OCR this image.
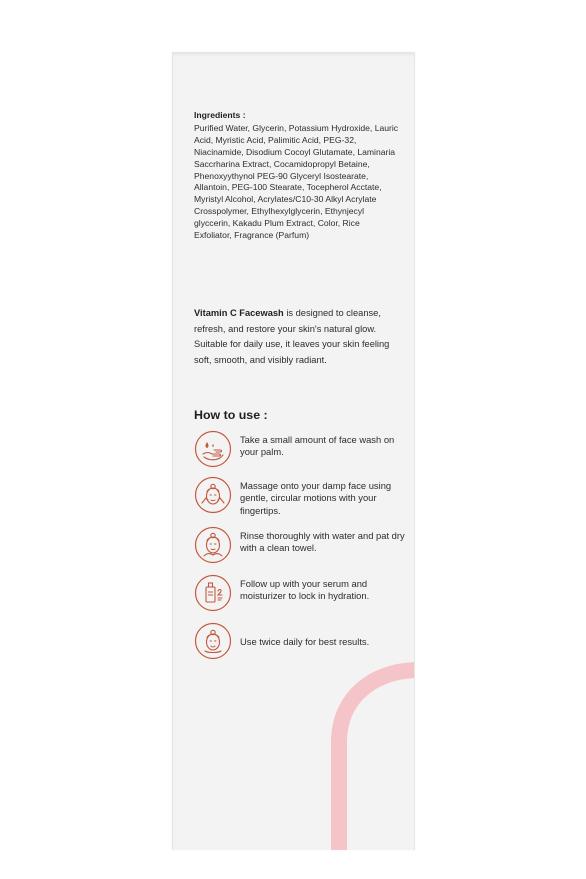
Ingredients :
Purified Water, Glycerin, Potassium Hydroxide, Lauric Acid, Myristic Acid, Palimitic Acid, PEG-32, Niacinamide, Disodium Cocoyl Glutamate, Laminaria Saccrharina Extract, Cocamidopropyl Betaine, Phenoxyythynol PEG-90 Glyceryl Isostearate, Allantoin, PEG-100 Stearate, Tocepherol Acctate, Myristyl Alcohol, Acrylates/C10-30 Alkyl Acrylate Crosspolymer, Ethylhexylglycerin, Ethynjecyl glyccerin, Kakadu Plum Extract, Color, Rice Exfoliator, Fragrance (Parfum)
Vitamin C Facewash is designed to cleanse, refresh, and restore your skin's natural glow. Suitable for daily use, it leaves your skin feeling soft, smooth, and visibly radiant.
How to use :
Take a small amount of face wash on your palm.
Massage onto your damp face using gentle, circular motions with your fingertips.
Rinse thoroughly with water and pat dry with a clean towel.
Follow up with your serum and moisturizer to lock in hydration.
Use twice daily for best results.
